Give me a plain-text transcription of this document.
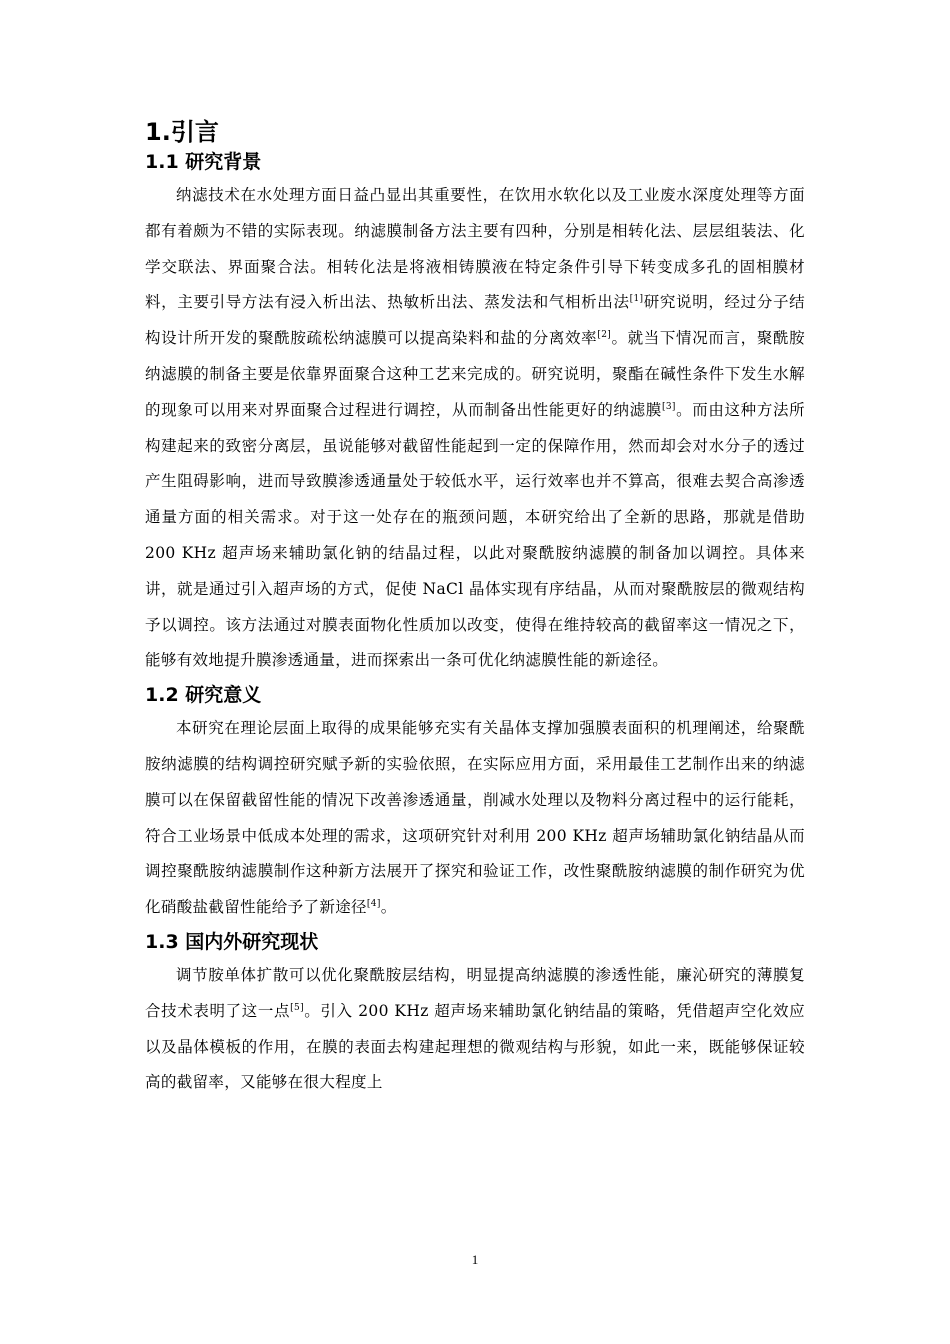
1.引言
1.1 研究背景

纳滤技术在水处理方面日益凸显出其重要性，在饮用水软化以及工业废水深度处理等方面都有着颇为不错的实际表现。纳滤膜制备方法主要有四种，分别是相转化法、层层组装法、化学交联法、界面聚合法。相转化法是将液相铸膜液在特定条件引导下转变成多孔的固相膜材料，主要引导方法有浸入析出法、热敏析出法、蒸发法和气相析出法[1]研究说明，经过分子结构设计所开发的聚酰胺疏松纳滤膜可以提高染料和盐的分离效率[2]。就当下情况而言，聚酰胺纳滤膜的制备主要是依靠界面聚合这种工艺来完成的。研究说明，聚酯在碱性条件下发生水解的现象可以用来对界面聚合过程进行调控，从而制备出性能更好的纳滤膜[3]。而由这种方法所构建起来的致密分离层，虽说能够对截留性能起到一定的保障作用，然而却会对水分子的透过产生阻碍影响，进而导致膜渗透通量处于较低水平，运行效率也并不算高，很难去契合高渗透通量方面的相关需求。对于这一处存在的瓶颈问题，本研究给出了全新的思路，那就是借助 200 KHz 超声场来辅助氯化钠的结晶过程，以此对聚酰胺纳滤膜的制备加以调控。具体来讲，就是通过引入超声场的方式，促使 NaCl 晶体实现有序结晶，从而对聚酰胺层的微观结构予以调控。该方法通过对膜表面物化性质加以改变，使得在维持较高的截留率这一情况之下，能够有效地提升膜渗透通量，进而探索出一条可优化纳滤膜性能的新途径。

1.2 研究意义

本研究在理论层面上取得的成果能够充实有关晶体支撑加强膜表面积的机理阐述，给聚酰胺纳滤膜的结构调控研究赋予新的实验依照，在实际应用方面，采用最佳工艺制作出来的纳滤膜可以在保留截留性能的情况下改善渗透通量，削减水处理以及物料分离过程中的运行能耗，符合工业场景中低成本处理的需求，这项研究针对利用 200 KHz 超声场辅助氯化钠结晶从而调控聚酰胺纳滤膜制作这种新方法展开了探究和验证工作，改性聚酰胺纳滤膜的制作研究为优化硝酸盐截留性能给予了新途径[4]。

1.3 国内外研究现状

调节胺单体扩散可以优化聚酰胺层结构，明显提高纳滤膜的渗透性能，廉沁研究的薄膜复合技术表明了这一点[5]。引入 200 KHz 超声场来辅助氯化钠结晶的策略，凭借超声空化效应以及晶体模板的作用，在膜的表面去构建起理想的微观结构与形貌，如此一来，既能够保证较高的截留率，又能够在很大程度上

1
